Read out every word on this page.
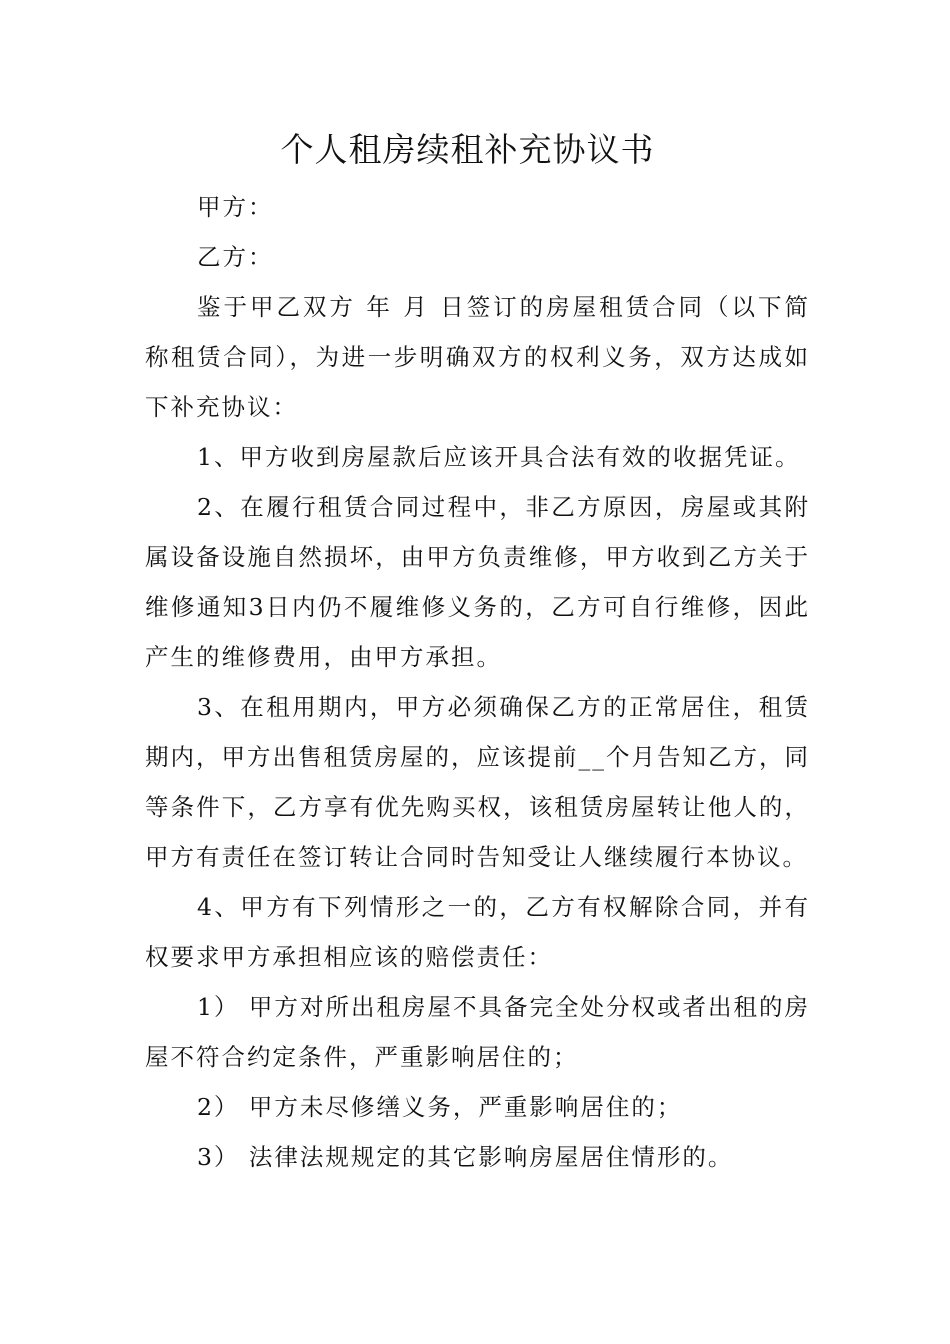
个人租房续租补充协议书

甲方：

乙方：

鉴于甲乙双方 年 月 日签订的房屋租赁合同（以下简称租赁合同），为进一步明确双方的权利义务，双方达成如下补充协议：

1、甲方收到房屋款后应该开具合法有效的收据凭证。

2、在履行租赁合同过程中，非乙方原因，房屋或其附属设备设施自然损坏，由甲方负责维修，甲方收到乙方关于维修通知3日内仍不履维修义务的，乙方可自行维修，因此产生的维修费用，由甲方承担。

3、在租用期内，甲方必须确保乙方的正常居住，租赁期内，甲方出售租赁房屋的，应该提前__个月告知乙方，同等条件下，乙方享有优先购买权，该租赁房屋转让他人的，甲方有责任在签订转让合同时告知受让人继续履行本协议。

4、甲方有下列情形之一的，乙方有权解除合同，并有权要求甲方承担相应该的赔偿责任：

1） 甲方对所出租房屋不具备完全处分权或者出租的房屋不符合约定条件，严重影响居住的；

2） 甲方未尽修缮义务，严重影响居住的；

3） 法律法规规定的其它影响房屋居住情形的。
